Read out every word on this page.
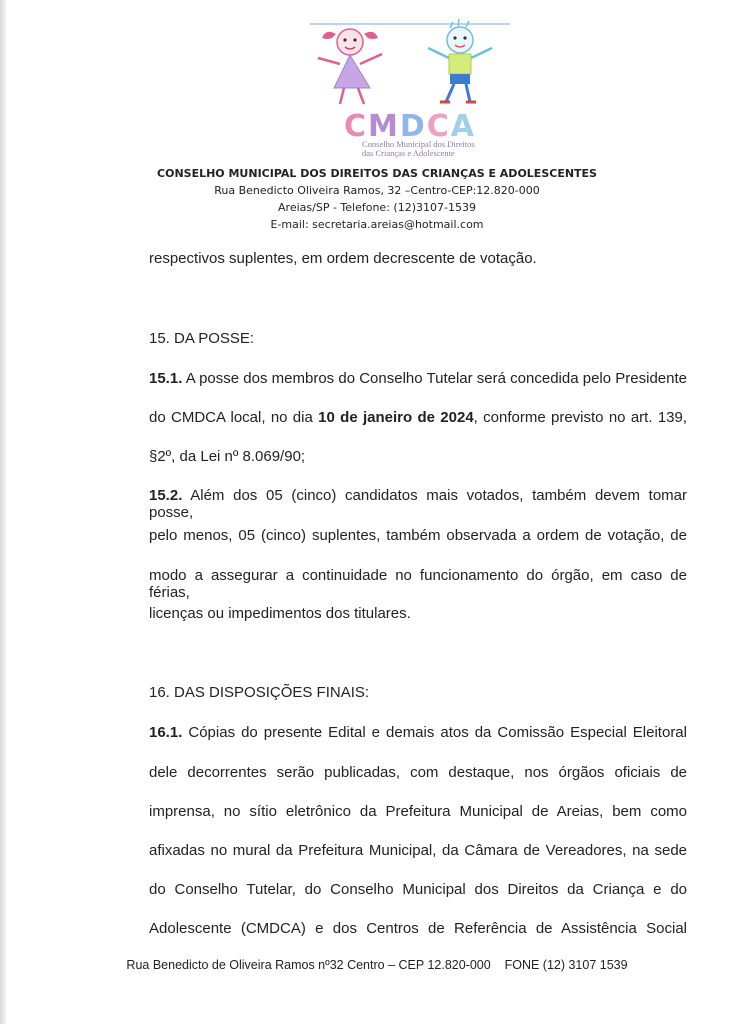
CMDCA
Conselho Municipal dos Direitos
das Crianças e Adolescente
CONSELHO MUNICIPAL DOS DIREITOS DAS CRIANÇAS E ADOLESCENTES
Rua Benedicto Oliveira Ramos, 32 –Centro-CEP:12.820-000
Areias/SP - Telefone: (12)3107-1539
E-mail: secretaria.areias@hotmail.com
respectivos suplentes, em ordem decrescente de votação.
15. DA POSSE:
15.1. A posse dos membros do Conselho Tutelar será concedida pelo Presidente
do CMDCA local, no dia 10 de janeiro de 2024, conforme previsto no art. 139,
§2º, da Lei nº 8.069/90;
15.2. Além dos 05 (cinco) candidatos mais votados, também devem tomar posse,
pelo menos, 05 (cinco) suplentes, também observada a ordem de votação, de
modo a assegurar a continuidade no funcionamento do órgão, em caso de férias,
licenças ou impedimentos dos titulares.
16. DAS DISPOSIÇÕES FINAIS:
16.1. Cópias do presente Edital e demais atos da Comissão Especial Eleitoral
dele decorrentes serão publicadas, com destaque, nos órgãos oficiais de
imprensa, no sítio eletrônico da Prefeitura Municipal de Areias, bem como
afixadas no mural da Prefeitura Municipal, da Câmara de Vereadores, na sede
do Conselho Tutelar, do Conselho Municipal dos Direitos da Criança e do
Adolescente (CMDCA) e dos Centros de Referência de Assistência Social
Rua Benedicto de Oliveira Ramos nº32 Centro – CEP 12.820-000    FONE (12) 3107 1539
